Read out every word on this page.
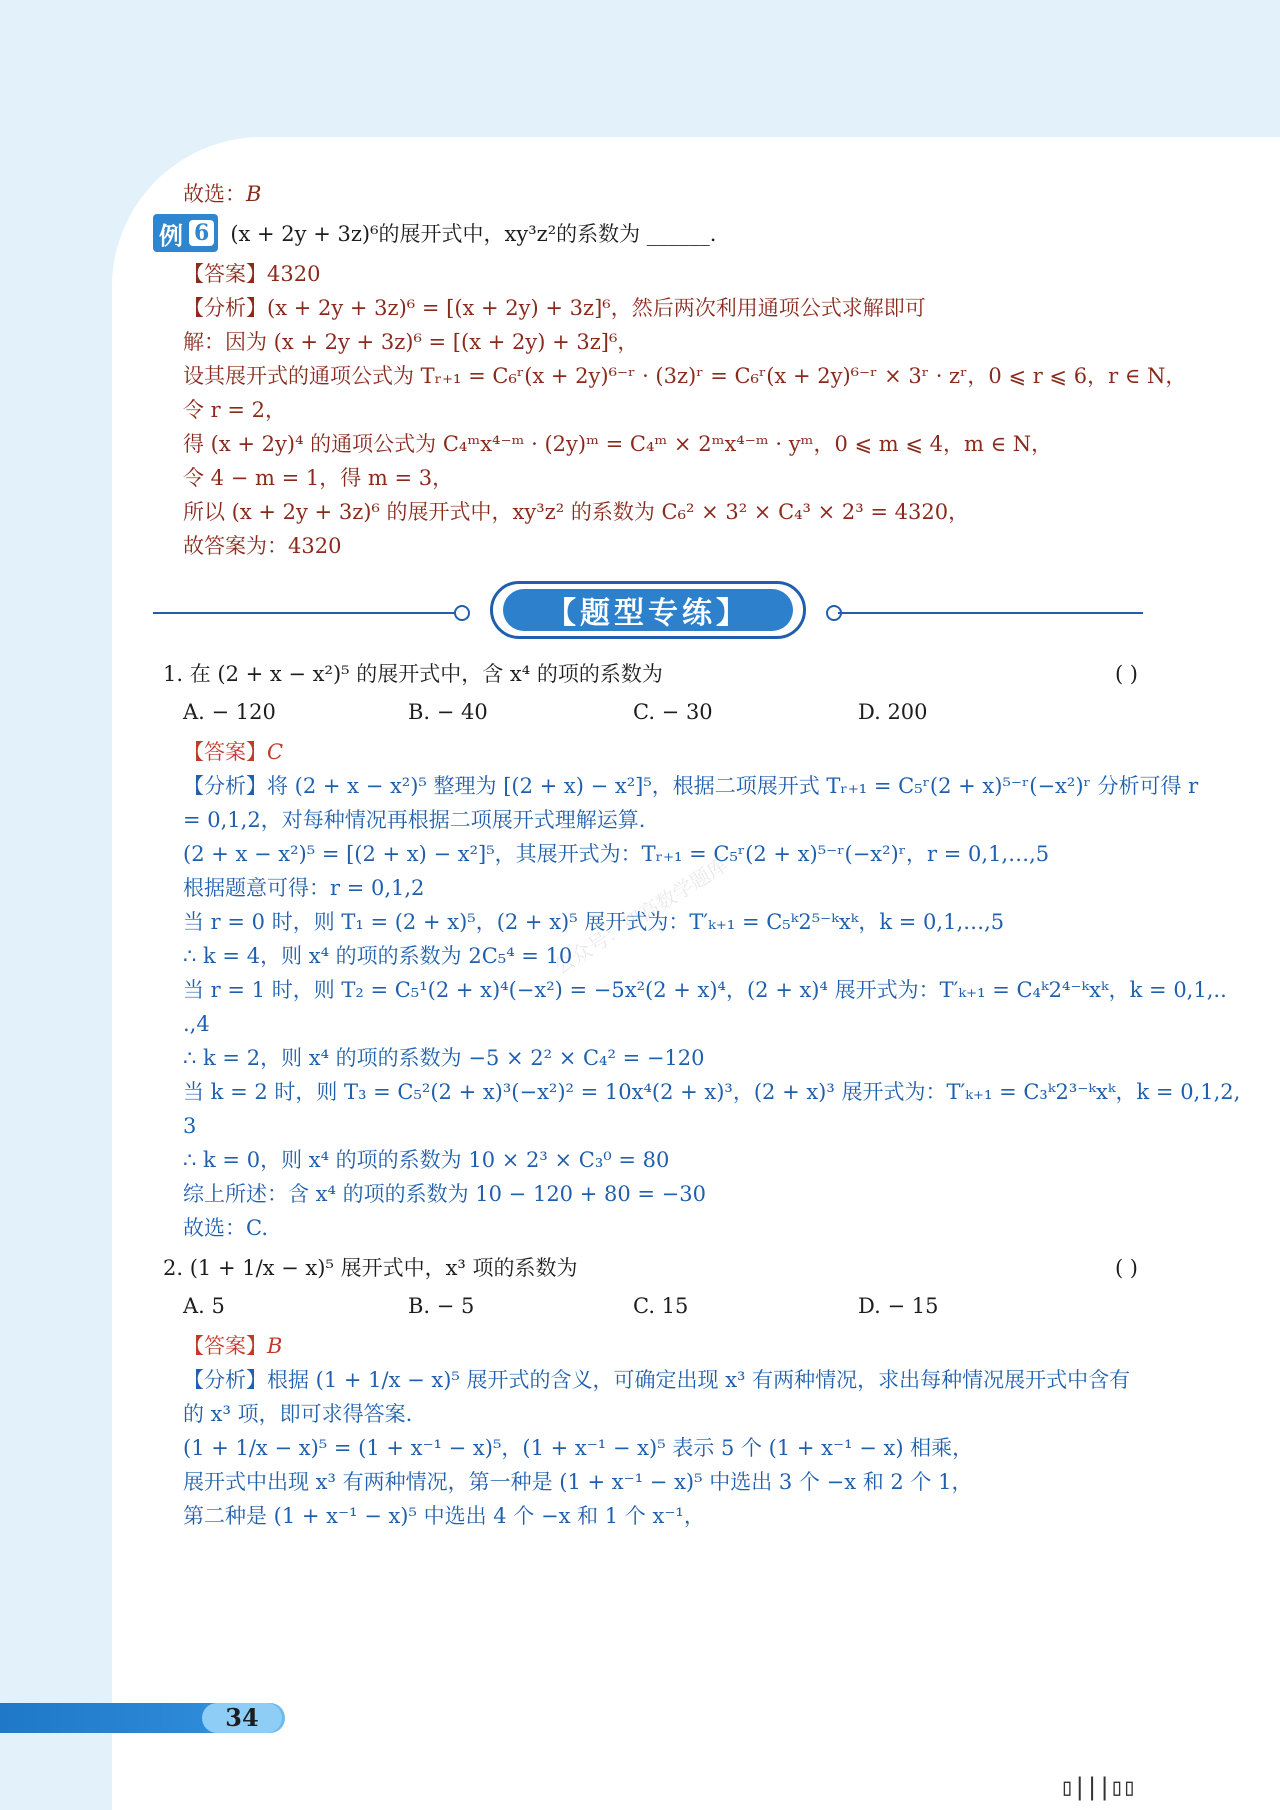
公众号：初高数学题库

故选：B

例 6 (x + 2y + 3z)⁶的展开式中，xy³z²的系数为 ______.

【答案】4320

【分析】(x + 2y + 3z)⁶ = [(x + 2y) + 3z]⁶，然后两次利用通项公式求解即可

解：因为 (x + 2y + 3z)⁶ = [(x + 2y) + 3z]⁶，

设其展开式的通项公式为 Tᵣ₊₁ = C₆ʳ(x + 2y)⁶⁻ʳ · (3z)ʳ = C₆ʳ(x + 2y)⁶⁻ʳ × 3ʳ · zʳ，0 ⩽ r ⩽ 6，r ∈ N，

令 r = 2，

得 (x + 2y)⁴ 的通项公式为 C₄ᵐx⁴⁻ᵐ · (2y)ᵐ = C₄ᵐ × 2ᵐx⁴⁻ᵐ · yᵐ，0 ⩽ m ⩽ 4，m ∈ N，

令 4 − m = 1，得 m = 3，

所以 (x + 2y + 3z)⁶ 的展开式中，xy³z² 的系数为 C₆² × 3² × C₄³ × 2³ = 4320，

故答案为：4320

【题型专练】
1. 在 (2 + x − x²)⁵ 的展开式中，含 x⁴ 的项的系数为	( )
A. − 120	B. − 40	C. − 30	D. 200

【答案】C

【分析】将 (2 + x − x²)⁵ 整理为 [(2 + x) − x²]⁵，根据二项展开式 Tᵣ₊₁ = C₅ʳ(2 + x)⁵⁻ʳ(−x²)ʳ 分析可得 r

= 0,1,2，对每种情况再根据二项展开式理解运算.

(2 + x − x²)⁵ = [(2 + x) − x²]⁵，其展开式为：Tᵣ₊₁ = C₅ʳ(2 + x)⁵⁻ʳ(−x²)ʳ，r = 0,1,…,5

根据题意可得：r = 0,1,2

当 r = 0 时，则 T₁ = (2 + x)⁵，(2 + x)⁵ 展开式为：T′ₖ₊₁ = C₅ᵏ2⁵⁻ᵏxᵏ，k = 0,1,…,5

∴ k = 4，则 x⁴ 的项的系数为 2C₅⁴ = 10

当 r = 1 时，则 T₂ = C₅¹(2 + x)⁴(−x²) = −5x²(2 + x)⁴，(2 + x)⁴ 展开式为：T′ₖ₊₁ = C₄ᵏ2⁴⁻ᵏxᵏ，k = 0,1,..

.,4

∴ k = 2，则 x⁴ 的项的系数为 −5 × 2² × C₄² = −120

当 k = 2 时，则 T₃ = C₅²(2 + x)³(−x²)² = 10x⁴(2 + x)³，(2 + x)³ 展开式为：T′ₖ₊₁ = C₃ᵏ2³⁻ᵏxᵏ，k = 0,1,2,

3

∴ k = 0，则 x⁴ 的项的系数为 10 × 2³ × C₃⁰ = 80

综上所述：含 x⁴ 的项的系数为 10 − 120 + 80 = −30

故选：C.

2. (1 + 1/x − x)⁵ 展开式中，x³ 项的系数为	( )
A. 5	B. − 5	C. 15	D. − 15

【答案】B

【分析】根据 (1 + 1/x − x)⁵ 展开式的含义，可确定出现 x³ 有两种情况，求出每种情况展开式中含有

的 x³ 项，即可求得答案.

(1 + 1/x − x)⁵ = (1 + x⁻¹ − x)⁵，(1 + x⁻¹ − x)⁵ 表示 5 个 (1 + x⁻¹ − x) 相乘，

展开式中出现 x³ 有两种情况，第一种是 (1 + x⁻¹ − x)⁵ 中选出 3 个 −x 和 2 个 1，

第二种是 (1 + x⁻¹ − x)⁵ 中选出 4 个 −x 和 1 个 x⁻¹，

34
▯|||▯▯
